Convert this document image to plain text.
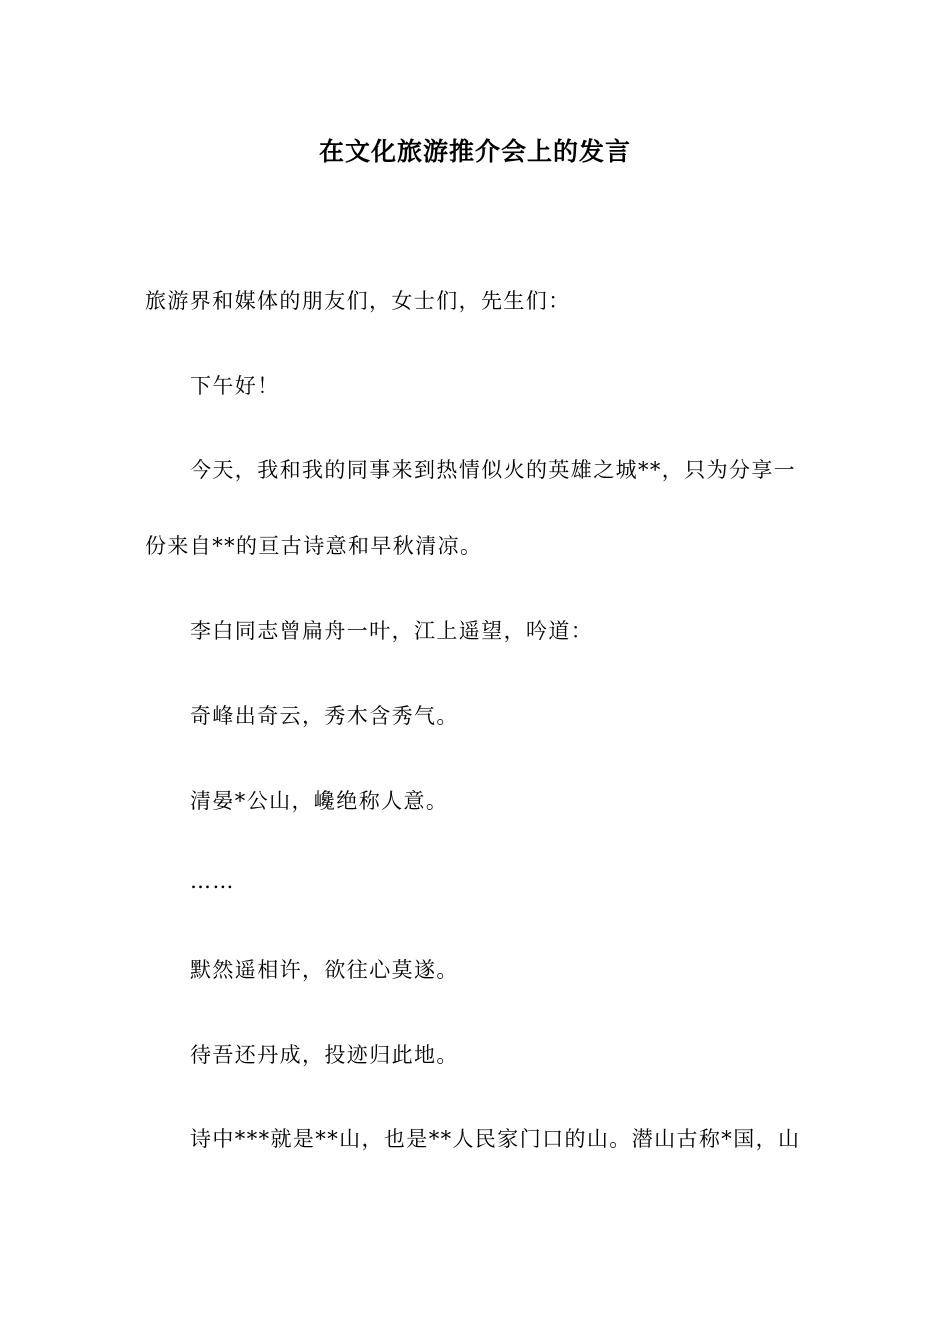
在文化旅游推介会上的发言
旅游界和媒体的朋友们，女士们，先生们：
下午好！
今天，我和我的同事来到热情似火的英雄之城**，只为分享一
份来自**的亘古诗意和早秋清凉。
李白同志曾扁舟一叶，江上遥望，吟道：
奇峰出奇云，秀木含秀气。
清晏*公山，巉绝称人意。
……
默然遥相许，欲往心莫遂。
待吾还丹成，投迹归此地。
诗中***就是**山，也是**人民家门口的山。潜山古称*国，山
